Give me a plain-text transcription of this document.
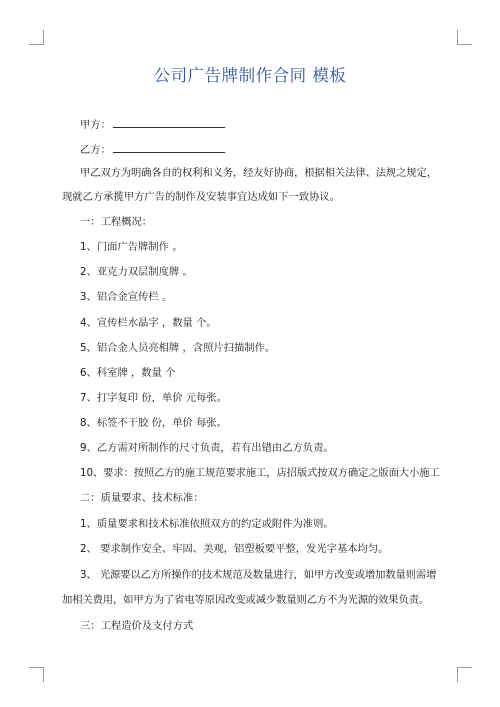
公司广告牌制作合同 模板
甲方：
乙方：
甲乙双方为明确各自的权利和义务，经友好协商，根据相关法律、法规之规定，
现就乙方承揽甲方广告的制作及安装事宜达成如下一致协议。
一：工程概况：
1、门面广告牌制作 。
2、亚克力双层制度牌 。
3、铝合金宣传栏 。
4、宣传栏水晶字 ，数量 个。
5、铝合金人员亮相牌 ，含照片扫描制作。
6、科室牌 ，数量 个
7、打字复印 份，单价 元每张。
8、标签不干胶 份，单价 每张。
9、乙方需对所制作的尺寸负责，若有出错由乙方负责。
10、要求：按照乙方的施工规范要求施工，店招版式按双方确定之版面大小施工
二：质量要求、技术标准：
1、质量要求和技术标准依照双方的约定或附件为准则。
2、 要求制作安全、牢固、美观，铝塑板要平整，发光字基本均匀。
3、 光源要以乙方所操作的技术规范及数量进行，如甲方改变或增加数量则需增
加相关费用，如甲方为了省电等原因改变或减少数量则乙方不为光源的效果负责。
三：工程造价及支付方式
